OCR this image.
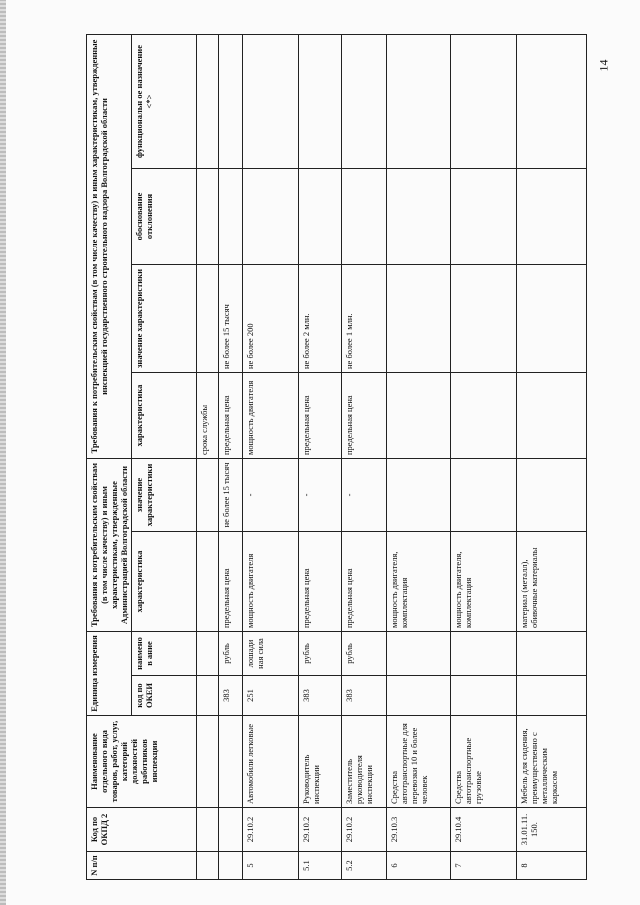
14
N п/п	Код по ОКПД 2	Наименование отдельного вида товаров, работ, услуг, категорий должностей работников инспекции	Единица измерения		Требования к потребительским свойствам (в том числе качеству) и иным характеристикам, утвержденные Администрацией Волгоградской области		Требования к потребительским свойствам (в том числе качеству) и иным характеристикам, утвержденные инспекцией государственного строительного надзора Волгоградской области			
			код по ОКЕИ	наименов ание	характеристика	значение характеристики	характеристика	значение характеристики	обоснование отклонения	функциональн ое назначение <*>
							срока службы			
			383	рубль	предельная цена	не более 15 тысяч	предельная цена	не более 15 тысяч		
5	29.10.2	Автомобили легковые	251	лошади ная сила	мощность двигателя	-	мощность двигателя	не более 200		
5.1	29.10.2	Руководитель инспекции	383	рубль	предельная цена	-	предельная цена	не более 2 млн.		
5.2	29.10.2	Заместитель руководителя инспекции	383	рубль	предельная цена	-	предельная цена	не более 1 млн.		
6	29.10.3	Средства автотранспортные для перевозки 10 и более человек			мощность двигателя, комплектация					
7	29.10.4	Средства автотранспортные грузовые			мощность двигателя, комплектация					
8	31.01.11. 150.	Мебель для сидения, преимущественно с металлическим каркасом			материал (металл), обивочные материалы					
